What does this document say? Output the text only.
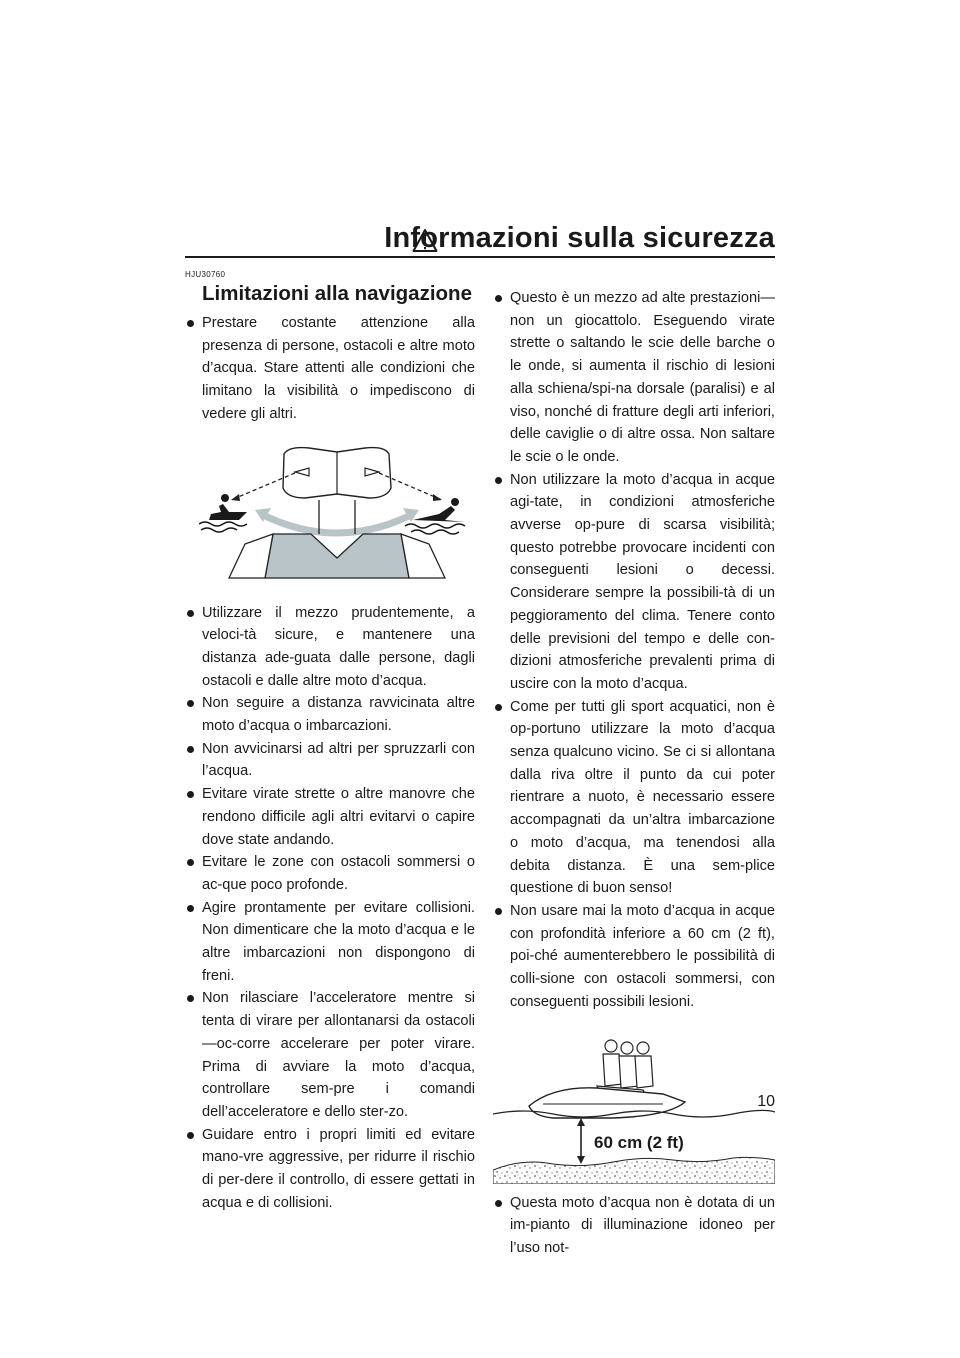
Informazioni sulla sicurezza
HJU30760
Limitazioni alla navigazione
Prestare costante attenzione alla presenza di persone, ostacoli e altre moto d’acqua. Stare attenti alle condizioni che limitano la visibilità o impediscono di vedere gli altri.
Utilizzare il mezzo prudentemente, a veloci-tà sicure, e mantenere una distanza ade-guata dalle persone, dagli ostacoli e dalle altre moto d’acqua.
Non seguire a distanza ravvicinata altre moto d’acqua o imbarcazioni.
Non avvicinarsi ad altri per spruzzarli con l’acqua.
Evitare virate strette o altre manovre che rendono difficile agli altri evitarvi o capire dove state andando.
Evitare le zone con ostacoli sommersi o ac-que poco profonde.
Agire prontamente per evitare collisioni. Non dimenticare che la moto d’acqua e le altre imbarcazioni non dispongono di freni.
Non rilasciare l’acceleratore mentre si tenta di virare per allontanarsi da ostacoli—oc-corre accelerare per poter virare. Prima di avviare la moto d’acqua, controllare sem-pre i comandi dell’acceleratore e dello ster-zo.
Guidare entro i propri limiti ed evitare mano-vre aggressive, per ridurre il rischio di per-dere il controllo, di essere gettati in acqua e di collisioni.
Questo è un mezzo ad alte prestazioni—non un giocattolo. Eseguendo virate strette o saltando le scie delle barche o le onde, si aumenta il rischio di lesioni alla schiena/spi-na dorsale (paralisi) e al viso, nonché di fratture degli arti inferiori, delle caviglie o di altre ossa. Non saltare le scie o le onde.
Non utilizzare la moto d’acqua in acque agi-tate, in condizioni atmosferiche avverse op-pure di scarsa visibilità; questo potrebbe provocare incidenti con conseguenti lesioni o decessi. Considerare sempre la possibili-tà di un peggioramento del clima. Tenere conto delle previsioni del tempo e delle con-dizioni atmosferiche prevalenti prima di uscire con la moto d’acqua.
Come per tutti gli sport acquatici, non è op-portuno utilizzare la moto d’acqua senza qualcuno vicino. Se ci si allontana dalla riva oltre il punto da cui poter rientrare a nuoto, è necessario essere accompagnati da un’altra imbarcazione o moto d’acqua, ma tenendosi alla debita distanza. È una sem-plice questione di buon senso!
Non usare mai la moto d’acqua in acque con profondità inferiore a 60 cm (2 ft), poi-ché aumenterebbero le possibilità di colli-sione con ostacoli sommersi, con conseguenti possibili lesioni.
60 cm (2 ft)
Questa moto d’acqua non è dotata di un im-pianto di illuminazione idoneo per l’uso not-
10
